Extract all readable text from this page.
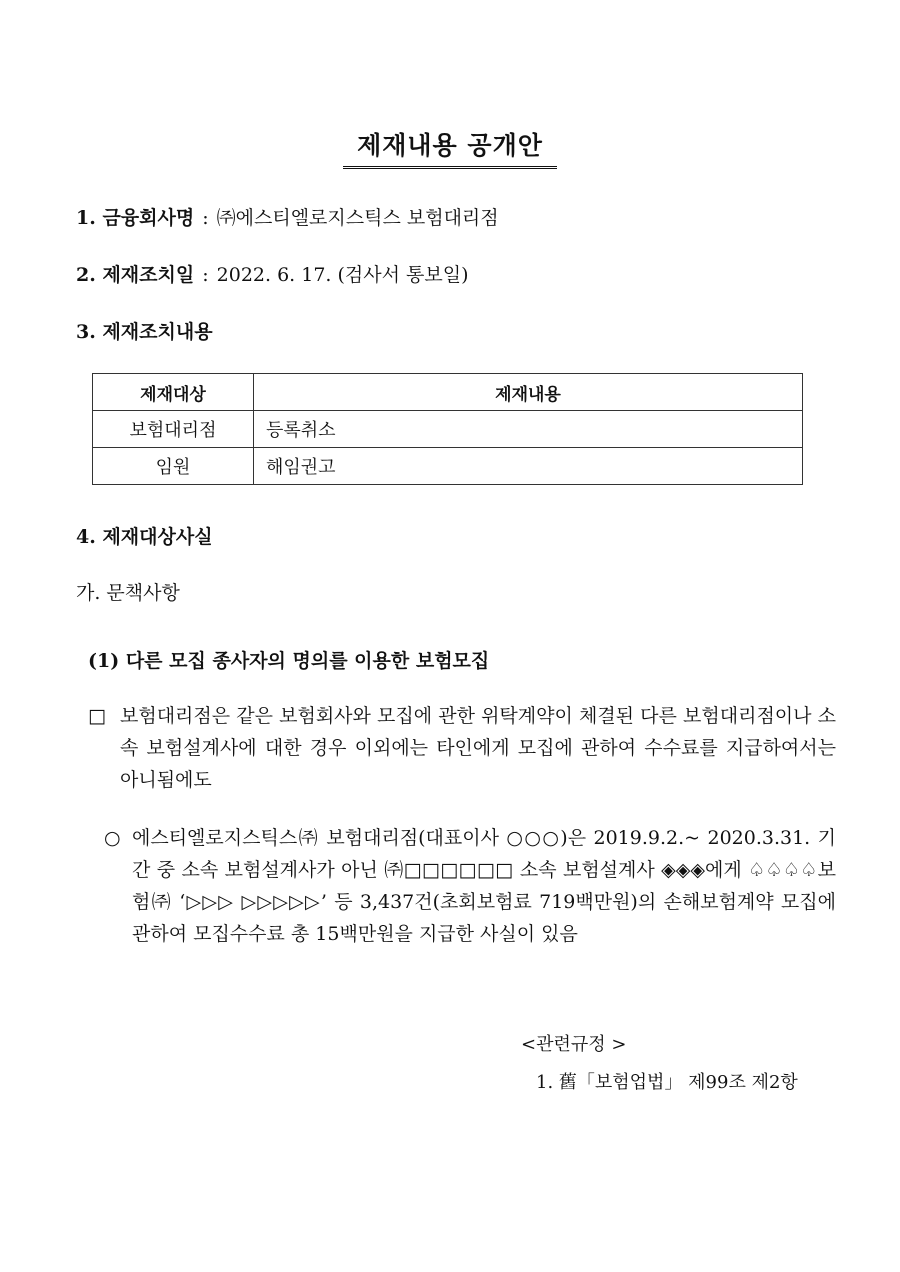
제재내용 공개안
1. 금융회사명 : ㈜에스티엘로지스틱스 보험대리점
2. 제재조치일 : 2022. 6. 17. (검사서 통보일)
3. 제재조치내용
제재대상	제재내용
보험대리점	등록취소
임원	해임권고
4. 제재대상사실
가. 문책사항
(1) 다른 모집 종사자의 명의를 이용한 보험모집
□ 보험대리점은 같은 보험회사와 모집에 관한 위탁계약이 체결된 다른 보험대리점이나 소속 보험설계사에 대한 경우 이외에는 타인에게 모집에 관하여 수수료를 지급하여서는 아니됨에도
○ 에스티엘로지스틱스㈜ 보험대리점(대표이사 ○○○)은 2019.9.2.~ 2020.3.31. 기간 중 소속 보험설계사가 아닌 ㈜□□□□□□ 소속 보험설계사 ◈◈◈에게 ♤♤♤♤보험㈜ ‘▷▷▷ ▷▷▷▷▷’ 등 3,437건(초회보험료 719백만원)의 손해보험계약 모집에 관하여 모집수수료 총 15백만원을 지급한 사실이 있음
<관련규정 >
1. 舊「보험업법」 제99조 제2항
